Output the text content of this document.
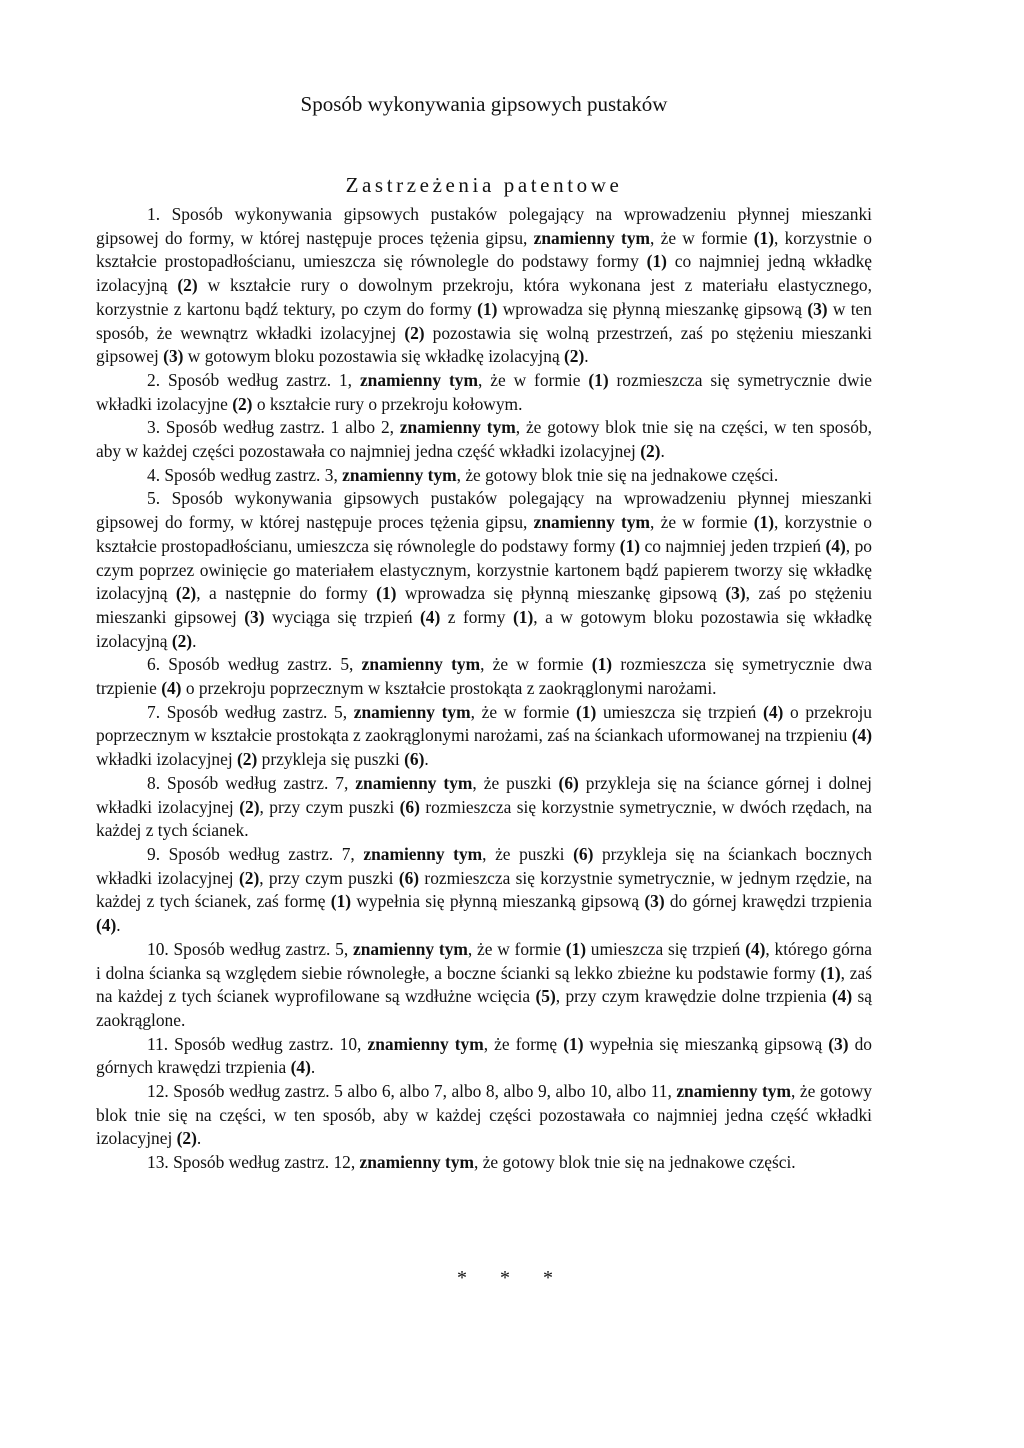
Sposób wykonywania gipsowych pustaków
Zastrzeżenia patentowe

1. Sposób wykonywania gipsowych pustaków polegający na wprowadzeniu płynnej mieszanki gipsowej do formy, w której następuje proces tężenia gipsu, znamienny tym, że w formie (1), korzystnie o kształcie prostopadłościanu, umieszcza się równolegle do podstawy formy (1) co najmniej jedną wkładkę izolacyjną (2) w kształcie rury o dowolnym przekroju, która wykonana jest z materiału elastycznego, korzystnie z kartonu bądź tektury, po czym do formy (1) wprowadza się płynną mieszankę gipsową (3) w ten sposób, że wewnątrz wkładki izolacyjnej (2) pozostawia się wolną przestrzeń, zaś po stężeniu mieszanki gipsowej (3) w gotowym bloku pozostawia się wkładkę izolacyjną (2).

2. Sposób według zastrz. 1, znamienny tym, że w formie (1) rozmieszcza się symetrycznie dwie wkładki izolacyjne (2) o kształcie rury o przekroju kołowym.

3. Sposób według zastrz. 1 albo 2, znamienny tym, że gotowy blok tnie się na części, w ten sposób, aby w każdej części pozostawała co najmniej jedna część wkładki izolacyjnej (2).

4. Sposób według zastrz. 3, znamienny tym, że gotowy blok tnie się na jednakowe części.

5. Sposób wykonywania gipsowych pustaków polegający na wprowadzeniu płynnej mieszanki gipsowej do formy, w której następuje proces tężenia gipsu, znamienny tym, że w formie (1), korzystnie o kształcie prostopadłościanu, umieszcza się równolegle do podstawy formy (1) co najmniej jeden trzpień (4), po czym poprzez owinięcie go materiałem elastycznym, korzystnie kartonem bądź papierem tworzy się wkładkę izolacyjną (2), a następnie do formy (1) wprowadza się płynną mieszankę gipsową (3), zaś po stężeniu mieszanki gipsowej (3) wyciąga się trzpień (4) z formy (1), a w gotowym bloku pozostawia się wkładkę izolacyjną (2).

6. Sposób według zastrz. 5, znamienny tym, że w formie (1) rozmieszcza się symetrycznie dwa trzpienie (4) o przekroju poprzecznym w kształcie prostokąta z zaokrąglonymi narożami.

7. Sposób według zastrz. 5, znamienny tym, że w formie (1) umieszcza się trzpień (4) o przekroju poprzecznym w kształcie prostokąta z zaokrąglonymi narożami, zaś na ściankach uformowanej na trzpieniu (4) wkładki izolacyjnej (2) przykleja się puszki (6).

8. Sposób według zastrz. 7, znamienny tym, że puszki (6) przykleja się na ściance górnej i dolnej wkładki izolacyjnej (2), przy czym puszki (6) rozmieszcza się korzystnie symetrycznie, w dwóch rzędach, na każdej z tych ścianek.

9. Sposób według zastrz. 7, znamienny tym, że puszki (6) przykleja się na ściankach bocznych wkładki izolacyjnej (2), przy czym puszki (6) rozmieszcza się korzystnie symetrycznie, w jednym rzędzie, na każdej z tych ścianek, zaś formę (1) wypełnia się płynną mieszanką gipsową (3) do górnej krawędzi trzpienia (4).

10. Sposób według zastrz. 5, znamienny tym, że w formie (1) umieszcza się trzpień (4), którego górna i dolna ścianka są względem siebie równoległe, a boczne ścianki są lekko zbieżne ku podstawie formy (1), zaś na każdej z tych ścianek wyprofilowane są wzdłużne wcięcia (5), przy czym krawędzie dolne trzpienia (4) są zaokrąglone.

11. Sposób według zastrz. 10, znamienny tym, że formę (1) wypełnia się mieszanką gipsową (3) do górnych krawędzi trzpienia (4).

12. Sposób według zastrz. 5 albo 6, albo 7, albo 8, albo 9, albo 10, albo 11, znamienny tym, że gotowy blok tnie się na części, w ten sposób, aby w każdej części pozostawała co najmniej jedna część wkładki izolacyjnej (2).

13. Sposób według zastrz. 12, znamienny tym, że gotowy blok tnie się na jednakowe części.

* * *
